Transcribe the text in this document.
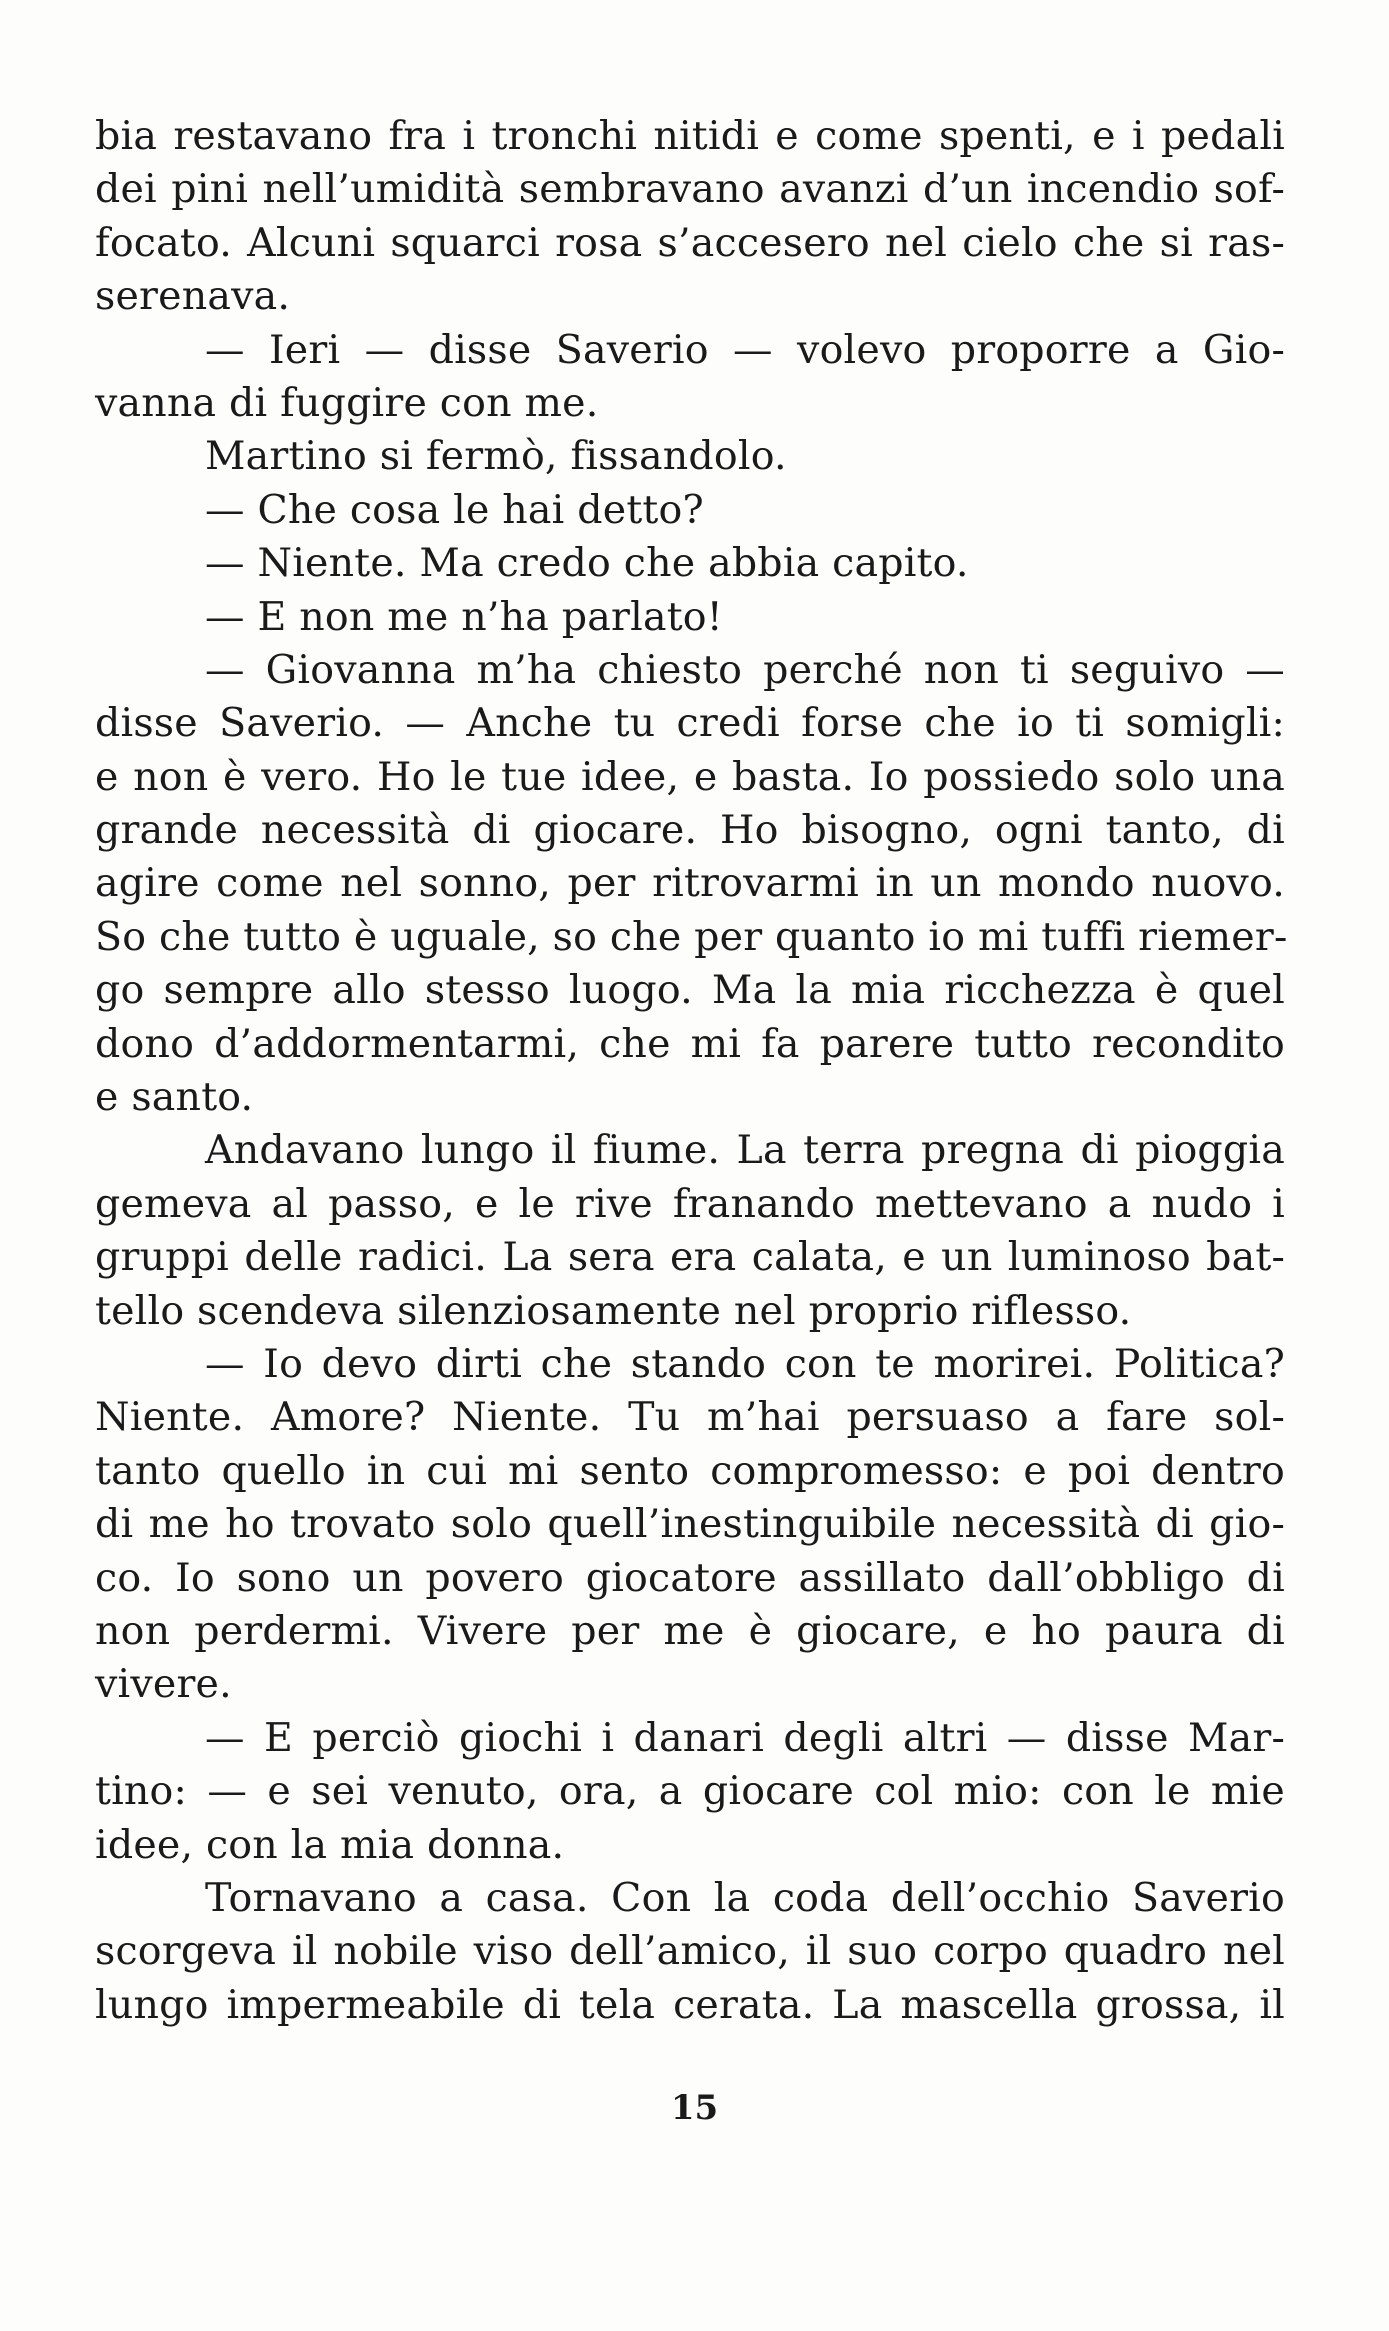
bia restavano fra i tronchi nitidi e come spenti, e i pedali
dei pini nell’umidità sembravano avanzi d’un incendio sof-
focato. Alcuni squarci rosa s’accesero nel cielo che si ras-
serenava.
— Ieri — disse Saverio — volevo proporre a Gio-
vanna di fuggire con me.
Martino si fermò, fissandolo.
— Che cosa le hai detto?
— Niente. Ma credo che abbia capito.
— E non me n’ha parlato!
— Giovanna m’ha chiesto perché non ti seguivo —
disse Saverio. — Anche tu credi forse che io ti somigli:
e non è vero. Ho le tue idee, e basta. Io possiedo solo una
grande necessità di giocare. Ho bisogno, ogni tanto, di
agire come nel sonno, per ritrovarmi in un mondo nuovo.
So che tutto è uguale, so che per quanto io mi tuffi riemer-
go sempre allo stesso luogo. Ma la mia ricchezza è quel
dono d’addormentarmi, che mi fa parere tutto recondito
e santo.
Andavano lungo il fiume. La terra pregna di pioggia
gemeva al passo, e le rive franando mettevano a nudo i
gruppi delle radici. La sera era calata, e un luminoso bat-
tello scendeva silenziosamente nel proprio riflesso.
— Io devo dirti che stando con te morirei. Politica?
Niente. Amore? Niente. Tu m’hai persuaso a fare sol-
tanto quello in cui mi sento compromesso: e poi dentro
di me ho trovato solo quell’inestinguibile necessità di gio-
co. Io sono un povero giocatore assillato dall’obbligo di
non perdermi. Vivere per me è giocare, e ho paura di
vivere.
— E perciò giochi i danari degli altri — disse Mar-
tino: — e sei venuto, ora, a giocare col mio: con le mie
idee, con la mia donna.
Tornavano a casa. Con la coda dell’occhio Saverio
scorgeva il nobile viso dell’amico, il suo corpo quadro nel
lungo impermeabile di tela cerata. La mascella grossa, il
15
